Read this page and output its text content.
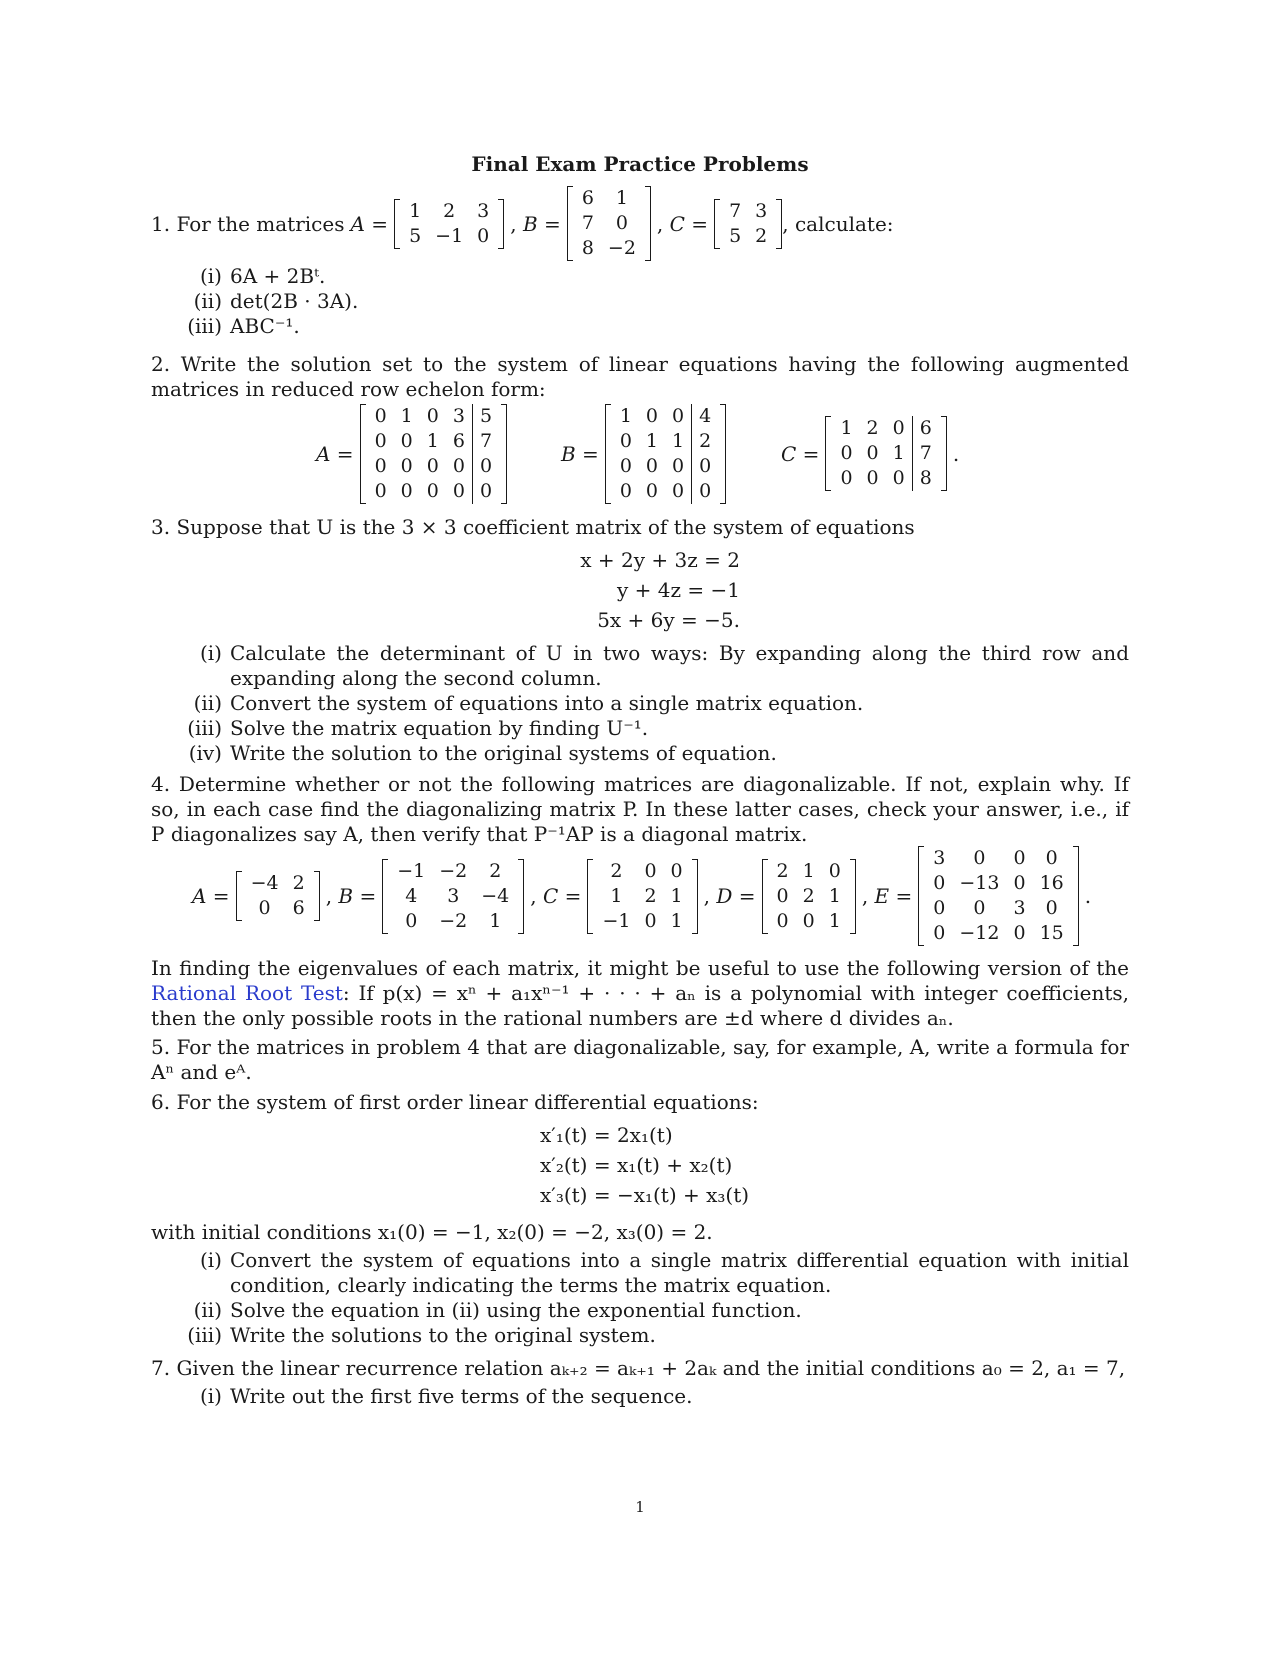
Final Exam Practice Problems
1. For the matrices A =
1	2	3
5	−1	0	, B =
6	1
7	0
8	−2
, C =
7	3
5	2 , calculate:
(i) 6A + 2Bᵗ.
(ii) det(2B · 3A).
(iii) ABC⁻¹.
2. Write the solution set to the system of linear equations having the following augmented matrices in reduced row echelon form:
A =
0	1	0	3	5
0	0	1	6	7
0	0	0	0	0
0	0	0	0	0
B =
1	0	0	4
0	1	1	2
0	0	0	0
0	0	0	0
C =
1	2	0	6
0	0	1	7
0	0	0	8
.
3. Suppose that U is the 3 × 3 coefficient matrix of the system of equations
x + 2y + 3z = 2
y + 4z = −1
5x + 6y = −5.
(i) Calculate the determinant of U in two ways: By expanding along the third row and expanding along the second column.
(ii) Convert the system of equations into a single matrix equation.
(iii) Solve the matrix equation by finding U⁻¹.
(iv) Write the solution to the original systems of equation.
4. Determine whether or not the following matrices are diagonalizable. If not, explain why. If so, in each case find the diagonalizing matrix P. In these latter cases, check your answer, i.e., if P diagonalizes say A, then verify that P⁻¹AP is a diagonal matrix.
A =
−4	2
0	6	, B =
−1	−2	2
4	3	−4
0	−2	1
, C =
2	0	0
1	2	1
−1	0	1
, D =
2	1	0
0	2	1
0	0	1
, E =
3	0	0	0
0	−13	0	16
0	0	3	0
0	−12	0	15
.
In finding the eigenvalues of each matrix, it might be useful to use the following version of the Rational Root Test: If p(x) = xⁿ + a₁xⁿ⁻¹ + · · · + aₙ is a polynomial with integer coefficients, then the only possible roots in the rational numbers are ±d where d divides aₙ.
5. For the matrices in problem 4 that are diagonalizable, say, for example, A, write a formula for Aⁿ and eᴬ.
6. For the system of first order linear differential equations:
x′₁(t) = 2x₁(t)
x′₂(t) = x₁(t) + x₂(t)
x′₃(t) = −x₁(t) + x₃(t)
with initial conditions x₁(0) = −1, x₂(0) = −2, x₃(0) = 2.
(i) Convert the system of equations into a single matrix differential equation with initial condition, clearly indicating the terms the matrix equation.
(ii) Solve the equation in (ii) using the exponential function.
(iii) Write the solutions to the original system.
7. Given the linear recurrence relation aₖ₊₂ = aₖ₊₁ + 2aₖ and the initial conditions a₀ = 2, a₁ = 7,
(i) Write out the first five terms of the sequence.
1
